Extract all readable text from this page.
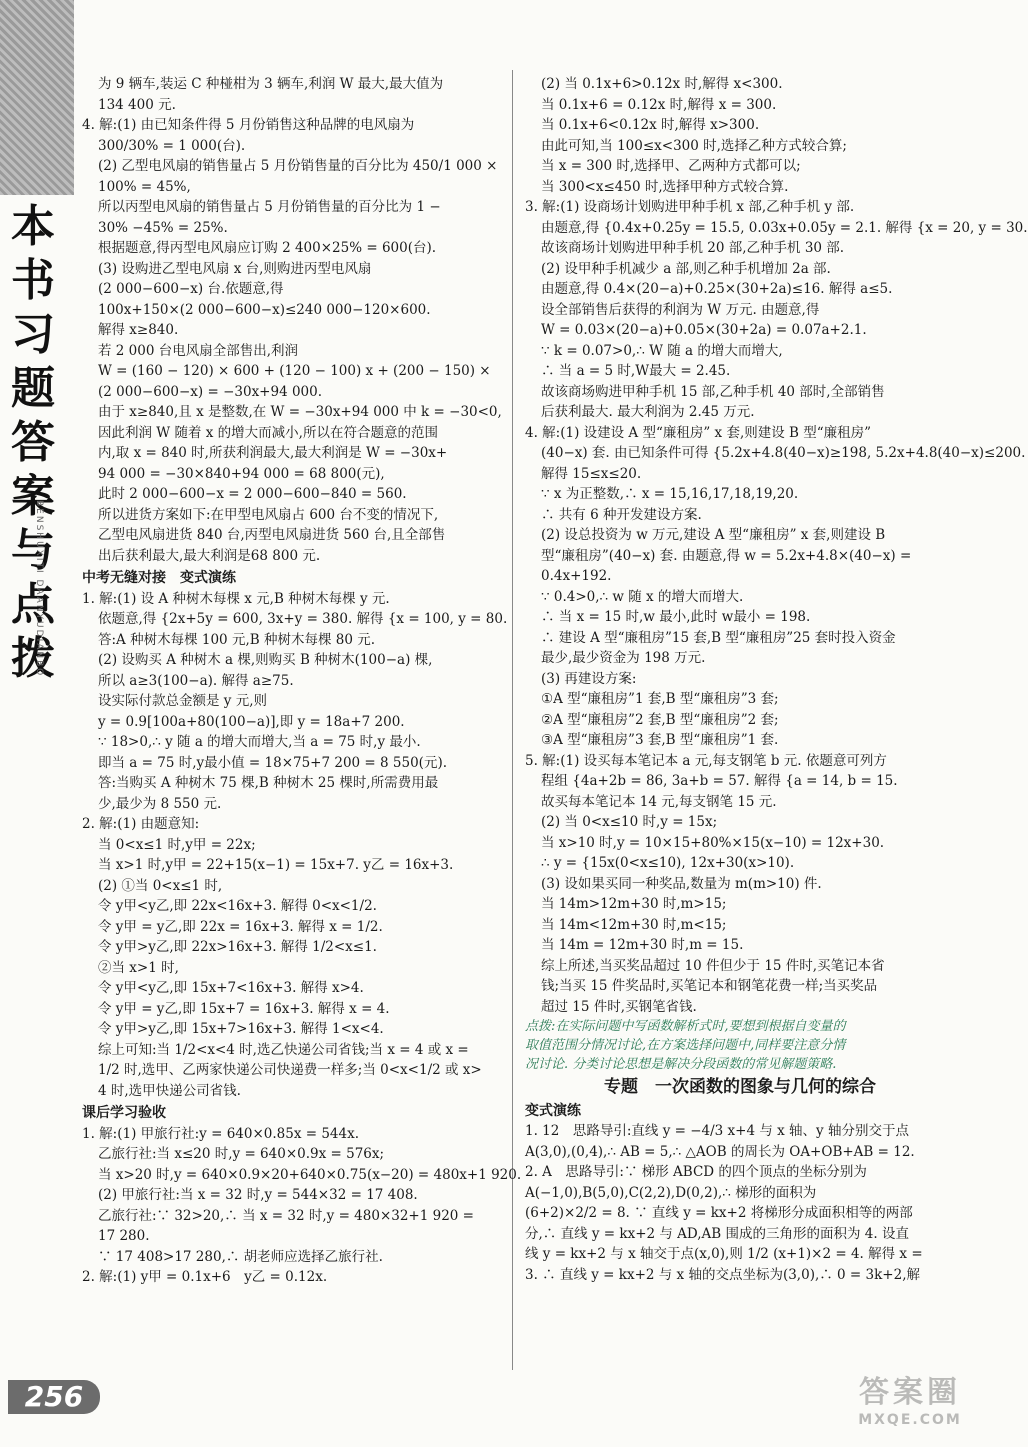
本书习题答案与点拨
BENSHUXITI DAANYUDIANBO
256
为 9 辆车,装运 C 种椪柑为 3 辆车,利润 W 最大,最大值为
134 400 元.
4. 解:(1) 由已知条件得 5 月份销售这种品牌的电风扇为
300/30% = 1 000(台).
(2) 乙型电风扇的销售量占 5 月份销售量的百分比为 450/1 000 ×
100% = 45%,
所以丙型电风扇的销售量占 5 月份销售量的百分比为 1 −
30% −45% = 25%.
根据题意,得丙型电风扇应订购 2 400×25% = 600(台).
(3) 设购进乙型电风扇 x 台,则购进丙型电风扇
(2 000−600−x) 台.依题意,得
100x+150×(2 000−600−x)≤240 000−120×600.
解得 x≥840.
若 2 000 台电风扇全部售出,利润
W = (160 − 120) × 600 + (120 − 100) x + (200 − 150) ×
(2 000−600−x) = −30x+94 000.
由于 x≥840,且 x 是整数,在 W = −30x+94 000 中 k = −30<0,
因此利润 W 随着 x 的增大而减小,所以在符合题意的范围
内,取 x = 840 时,所获利润最大,最大利润是 W = −30x+
94 000 = −30×840+94 000 = 68 800(元),
此时 2 000−600−x = 2 000−600−840 = 560.
所以进货方案如下:在甲型电风扇占 600 台不变的情况下,
乙型电风扇进货 840 台,丙型电风扇进货 560 台,且全部售
出后获利最大,最大利润是68 800 元.
中考无缝对接　变式演练
1. 解:(1) 设 A 种树木每棵 x 元,B 种树木每棵 y 元.
依题意,得 {2x+5y = 600, 3x+y = 380. 解得 {x = 100, y = 80.
答:A 种树木每棵 100 元,B 种树木每棵 80 元.
(2) 设购买 A 种树木 a 棵,则购买 B 种树木(100−a) 棵,
所以 a≥3(100−a). 解得 a≥75.
设实际付款总金额是 y 元,则
y = 0.9[100a+80(100−a)],即 y = 18a+7 200.
∵ 18>0,∴ y 随 a 的增大而增大,当 a = 75 时,y 最小.
即当 a = 75 时,y最小值 = 18×75+7 200 = 8 550(元).
答:当购买 A 种树木 75 棵,B 种树木 25 棵时,所需费用最
少,最少为 8 550 元.
2. 解:(1) 由题意知:
当 0<x≤1 时,y甲 = 22x;
当 x>1 时,y甲 = 22+15(x−1) = 15x+7. y乙 = 16x+3.
(2) ①当 0<x≤1 时,
令 y甲<y乙,即 22x<16x+3. 解得 0<x<1/2.
令 y甲 = y乙,即 22x = 16x+3. 解得 x = 1/2.
令 y甲>y乙,即 22x>16x+3. 解得 1/2<x≤1.
②当 x>1 时,
令 y甲<y乙,即 15x+7<16x+3. 解得 x>4.
令 y甲 = y乙,即 15x+7 = 16x+3. 解得 x = 4.
令 y甲>y乙,即 15x+7>16x+3. 解得 1<x<4.
综上可知:当 1/2<x<4 时,选乙快递公司省钱;当 x = 4 或 x =
1/2 时,选甲、乙两家快递公司快递费一样多;当 0<x<1/2 或 x>
4 时,选甲快递公司省钱.
课后学习验收
1. 解:(1) 甲旅行社:y = 640×0.85x = 544x.
乙旅行社:当 x≤20 时,y = 640×0.9x = 576x;
当 x>20 时,y = 640×0.9×20+640×0.75(x−20) = 480x+1 920.
(2) 甲旅行社:当 x = 32 时,y = 544×32 = 17 408.
乙旅行社:∵ 32>20,∴ 当 x = 32 时,y = 480×32+1 920 =
17 280.
∵ 17 408>17 280,∴ 胡老师应选择乙旅行社.
2. 解:(1) y甲 = 0.1x+6　y乙 = 0.12x.
(2) 当 0.1x+6>0.12x 时,解得 x<300.
当 0.1x+6 = 0.12x 时,解得 x = 300.
当 0.1x+6<0.12x 时,解得 x>300.
由此可知,当 100≤x<300 时,选择乙种方式较合算;
当 x = 300 时,选择甲、乙两种方式都可以;
当 300<x≤450 时,选择甲种方式较合算.
3. 解:(1) 设商场计划购进甲种手机 x 部,乙种手机 y 部.
由题意,得 {0.4x+0.25y = 15.5, 0.03x+0.05y = 2.1. 解得 {x = 20, y = 30.
故该商场计划购进甲种手机 20 部,乙种手机 30 部.
(2) 设甲种手机减少 a 部,则乙种手机增加 2a 部.
由题意,得 0.4×(20−a)+0.25×(30+2a)≤16. 解得 a≤5.
设全部销售后获得的利润为 W 万元. 由题意,得
W = 0.03×(20−a)+0.05×(30+2a) = 0.07a+2.1.
∵ k = 0.07>0,∴ W 随 a 的增大而增大,
∴ 当 a = 5 时,W最大 = 2.45.
故该商场购进甲种手机 15 部,乙种手机 40 部时,全部销售
后获利最大. 最大利润为 2.45 万元.
4. 解:(1) 设建设 A 型“廉租房” x 套,则建设 B 型“廉租房”
(40−x) 套. 由已知条件可得 {5.2x+4.8(40−x)≥198, 5.2x+4.8(40−x)≤200.
解得 15≤x≤20.
∵ x 为正整数,∴ x = 15,16,17,18,19,20.
∴ 共有 6 种开发建设方案.
(2) 设总投资为 w 万元,建设 A 型“廉租房” x 套,则建设 B
型“廉租房”(40−x) 套. 由题意,得 w = 5.2x+4.8×(40−x) =
0.4x+192.
∵ 0.4>0,∴ w 随 x 的增大而增大.
∴ 当 x = 15 时,w 最小,此时 w最小 = 198.
∴ 建设 A 型“廉租房”15 套,B 型“廉租房”25 套时投入资金
最少,最少资金为 198 万元.
(3) 再建设方案:
①A 型“廉租房”1 套,B 型“廉租房”3 套;
②A 型“廉租房”2 套,B 型“廉租房”2 套;
③A 型“廉租房”3 套,B 型“廉租房”1 套.
5. 解:(1) 设买每本笔记本 a 元,每支钢笔 b 元. 依题意可列方
程组 {4a+2b = 86, 3a+b = 57. 解得 {a = 14, b = 15.
故买每本笔记本 14 元,每支钢笔 15 元.
(2) 当 0<x≤10 时,y = 15x;
当 x>10 时,y = 10×15+80%×15(x−10) = 12x+30.
∴ y = {15x(0<x≤10), 12x+30(x>10).
(3) 设如果买同一种奖品,数量为 m(m>10) 件.
当 14m>12m+30 时,m>15;
当 14m<12m+30 时,m<15;
当 14m = 12m+30 时,m = 15.
综上所述,当买奖品超过 10 件但少于 15 件时,买笔记本省
钱;当买 15 件奖品时,买笔记本和钢笔花费一样;当买奖品
超过 15 件时,买钢笔省钱.
点拨:在实际问题中写函数解析式时,要想到根据自变量的
取值范围分情况讨论,在方案选择问题中,同样要注意分情
况讨论. 分类讨论思想是解决分段函数的常见解题策略.
专题　一次函数的图象与几何的综合
变式演练
1. 12　思路导引:直线 y = −4/3 x+4 与 x 轴、y 轴分别交于点
A(3,0),(0,4),∴ AB = 5,∴ △AOB 的周长为 OA+OB+AB = 12.
2. A　思路导引:∵ 梯形 ABCD 的四个顶点的坐标分别为
A(−1,0),B(5,0),C(2,2),D(0,2),∴ 梯形的面积为
(6+2)×2/2 = 8. ∵ 直线 y = kx+2 将梯形分成面积相等的两部
分,∴ 直线 y = kx+2 与 AD,AB 围成的三角形的面积为 4. 设直
线 y = kx+2 与 x 轴交于点(x,0),则 1/2 (x+1)×2 = 4. 解得 x =
3. ∴ 直线 y = kx+2 与 x 轴的交点坐标为(3,0),∴ 0 = 3k+2,解
答案圈
MXQE.COM
